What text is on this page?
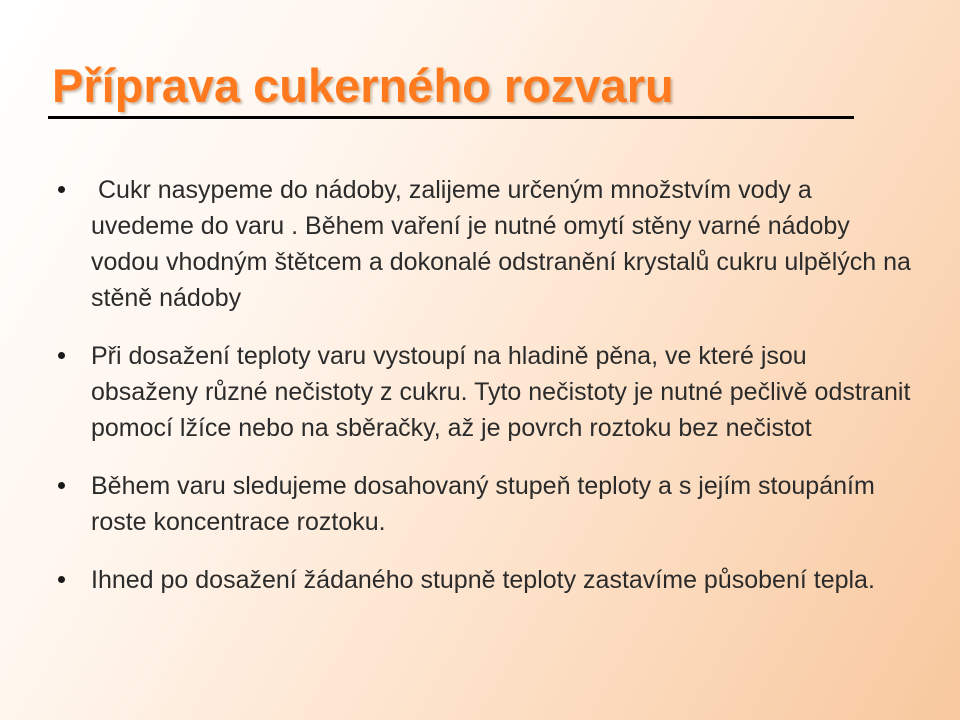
Příprava cukerného rozvaru
Cukr nasypeme do nádoby, zalijeme určeným množstvím vody a uvedeme do varu . Během vaření je nutné omytí stěny varné nádoby vodou vhodným štětcem a dokonalé odstranění krystalů cukru ulpělých na stěně nádoby
Při dosažení teploty varu vystoupí na hladině pěna, ve které jsou obsaženy různé nečistoty z cukru. Tyto nečistoty je nutné pečlivě odstranit pomocí lžíce nebo na sběračky, až je povrch roztoku bez nečistot
Během varu sledujeme dosahovaný stupeň teploty a s jejím stoupáním roste koncentrace roztoku.
Ihned po dosažení žádaného stupně teploty zastavíme působení tepla.
